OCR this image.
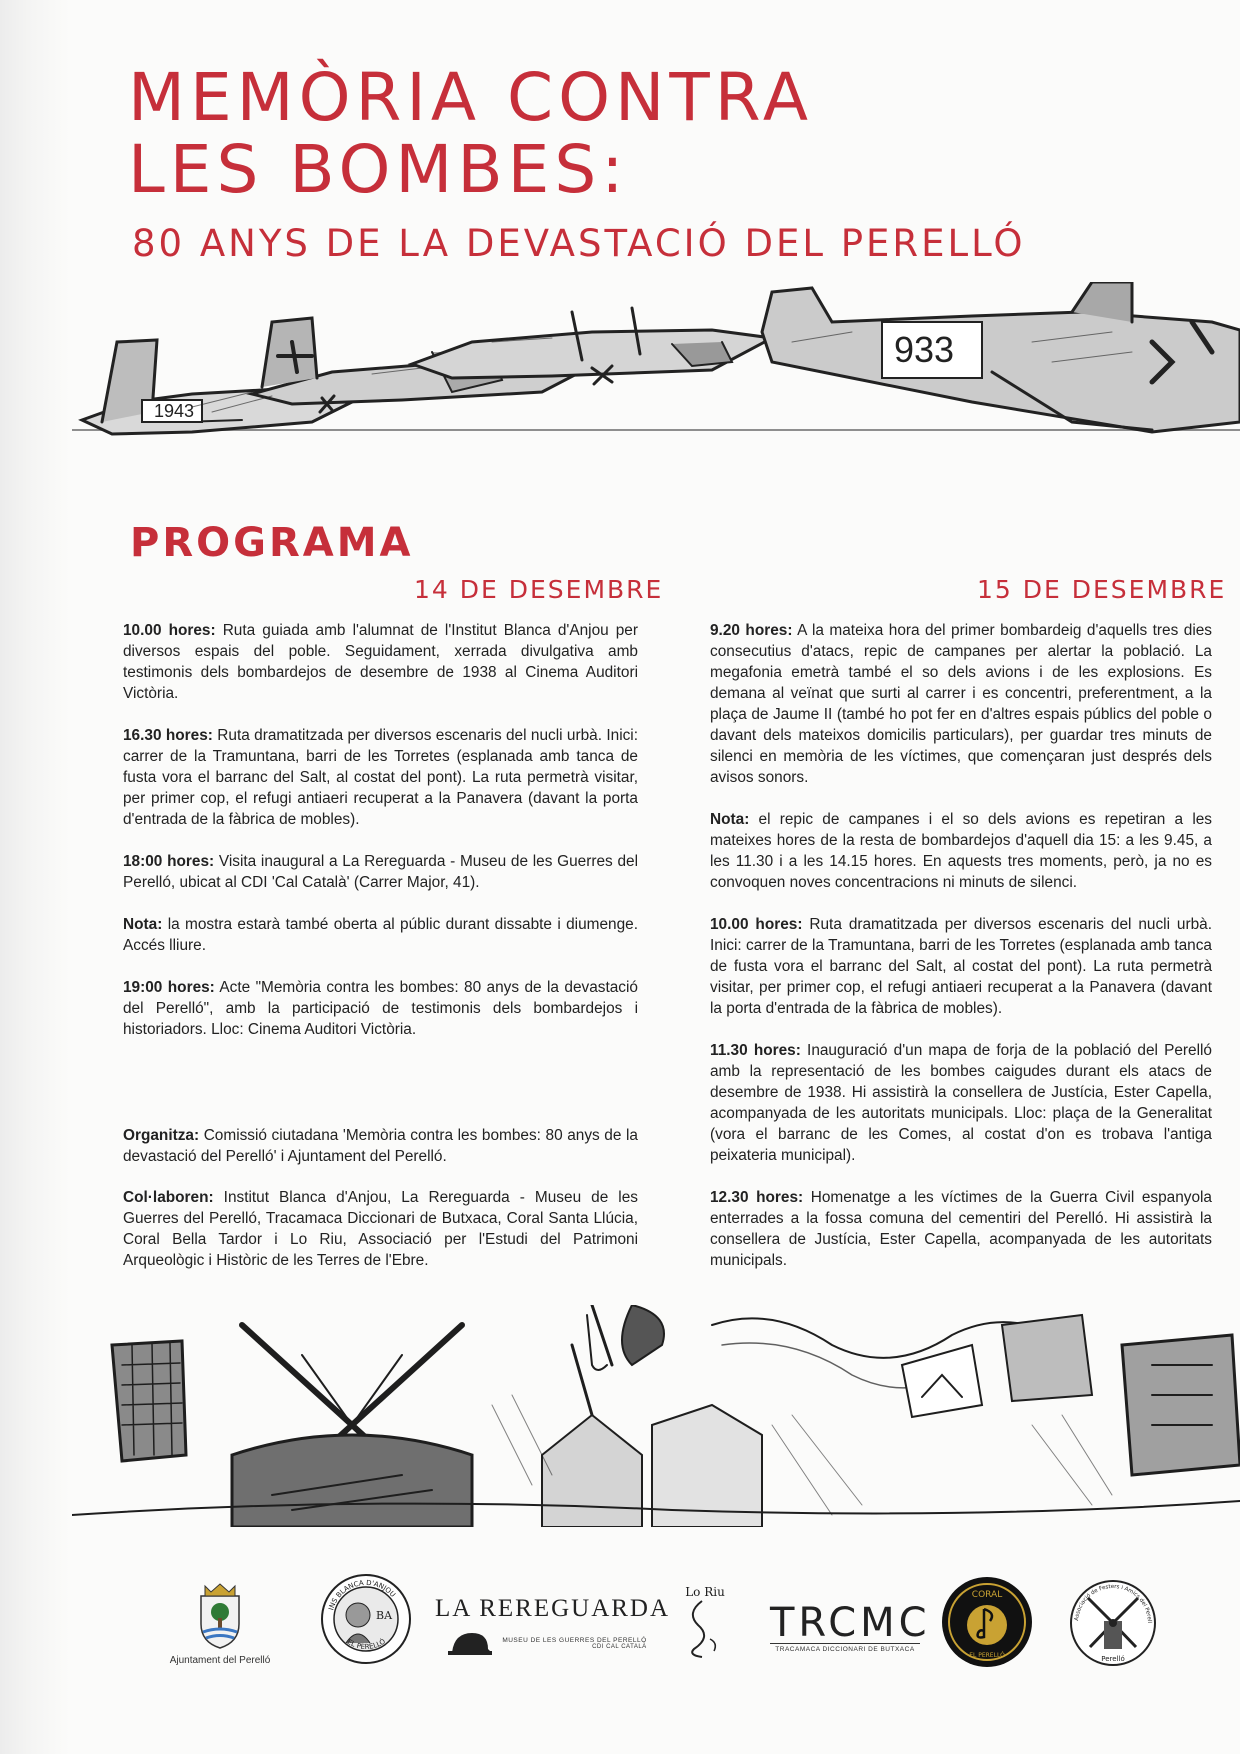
MEMÒRIA CONTRA
LES BOMBES:
80 ANYS DE LA DEVASTACIÓ DEL PERELLÓ
1943
933
PROGRAMA
14 DE DESEMBRE	15 DE DESEMBRE

10.00 hores: Ruta guiada amb l'alumnat de l'Institut Blanca d'Anjou per diversos espais del poble. Seguidament, xerrada divulgativa amb testimonis dels bombardejos de desembre de 1938 al Cinema Auditori Victòria.

16.30 hores: Ruta dramatitzada per diversos escenaris del nucli urbà. Inici: carrer de la Tramuntana, barri de les Torretes (esplanada amb tanca de fusta vora el barranc del Salt, al costat del pont). La ruta permetrà visitar, per primer cop, el refugi antiaeri recuperat a la Panavera (davant la porta d'entrada de la fàbrica de mobles).

18:00 hores: Visita inaugural a La Rereguarda - Museu de les Guerres del Perelló, ubicat al CDI 'Cal Català' (Carrer Major, 41).

Nota: la mostra estarà també oberta al públic durant dissabte i diumenge. Accés lliure.

19:00 hores: Acte "Memòria contra les bombes: 80 anys de la devastació del Perelló", amb la participació de testimonis dels bombardejos i historiadors. Lloc: Cinema Auditori Victòria.

9.20 hores: A la mateixa hora del primer bombardeig d'aquells tres dies consecutius d'atacs, repic de campanes per alertar la població. La megafonia emetrà també el so dels avions i de les explosions. Es demana al veïnat que surti al carrer i es concentri, preferentment, a la plaça de Jaume II (també ho pot fer en d'altres espais públics del poble o davant dels mateixos domicilis particulars), per guardar tres minuts de silenci en memòria de les víctimes, que començaran just després dels avisos sonors.

Nota: el repic de campanes i el so dels avions es repetiran a les mateixes hores de la resta de bombardejos d'aquell dia 15: a les 9.45, a les 11.30 i a les 14.15 hores. En aquests tres moments, però, ja no es convoquen noves concentracions ni minuts de silenci.

10.00 hores: Ruta dramatitzada per diversos escenaris del nucli urbà. Inici: carrer de la Tramuntana, barri de les Torretes (esplanada amb tanca de fusta vora el barranc del Salt, al costat del pont). La ruta permetrà visitar, per primer cop, el refugi antiaeri recuperat a la Panavera (davant la porta d'entrada de la fàbrica de mobles).

11.30 hores: Inauguració d'un mapa de forja de la població del Perelló amb la representació de les bombes caigudes durant els atacs de desembre de 1938. Hi assistirà la consellera de Justícia, Ester Capella, acompanyada de les autoritats municipals. Lloc: plaça de la Generalitat (vora el barranc de les Comes, al costat d'on es trobava l'antiga peixateria municipal).

12.30 hores: Homenatge a les víctimes de la Guerra Civil espanyola enterrades a la fossa comuna del cementiri del Perelló. Hi assistirà la consellera de Justícia, Ester Capella, acompanyada de les autoritats municipals.

Organitza: Comissió ciutadana 'Memòria contra les bombes: 80 anys de la devastació del Perelló' i Ajuntament del Perelló.

Col·laboren: Institut Blanca d'Anjou, La Rereguarda - Museu de les Guerres del Perelló, Tracamaca Diccionari de Butxaca, Coral Santa Llúcia, Coral Bella Tardor i Lo Riu, Associació per l'Estudi del Patrimoni Arqueològic i Històric de les Terres de l'Ebre.

Ajuntament del Perelló
BA
INS BLANCA D'ANJOU
EL PERELLÓ
LA REREGUARDA
MUSEU DE LES GUERRES DEL PERELLÓ
CDI CAL CATALÀ
Lo Riu
TRCMC
TRACAMACA DICCIONARI DE BUTXACA
CORAL
EL PERELLÓ
Associació de Festers i Amics del Perell
Perelló
